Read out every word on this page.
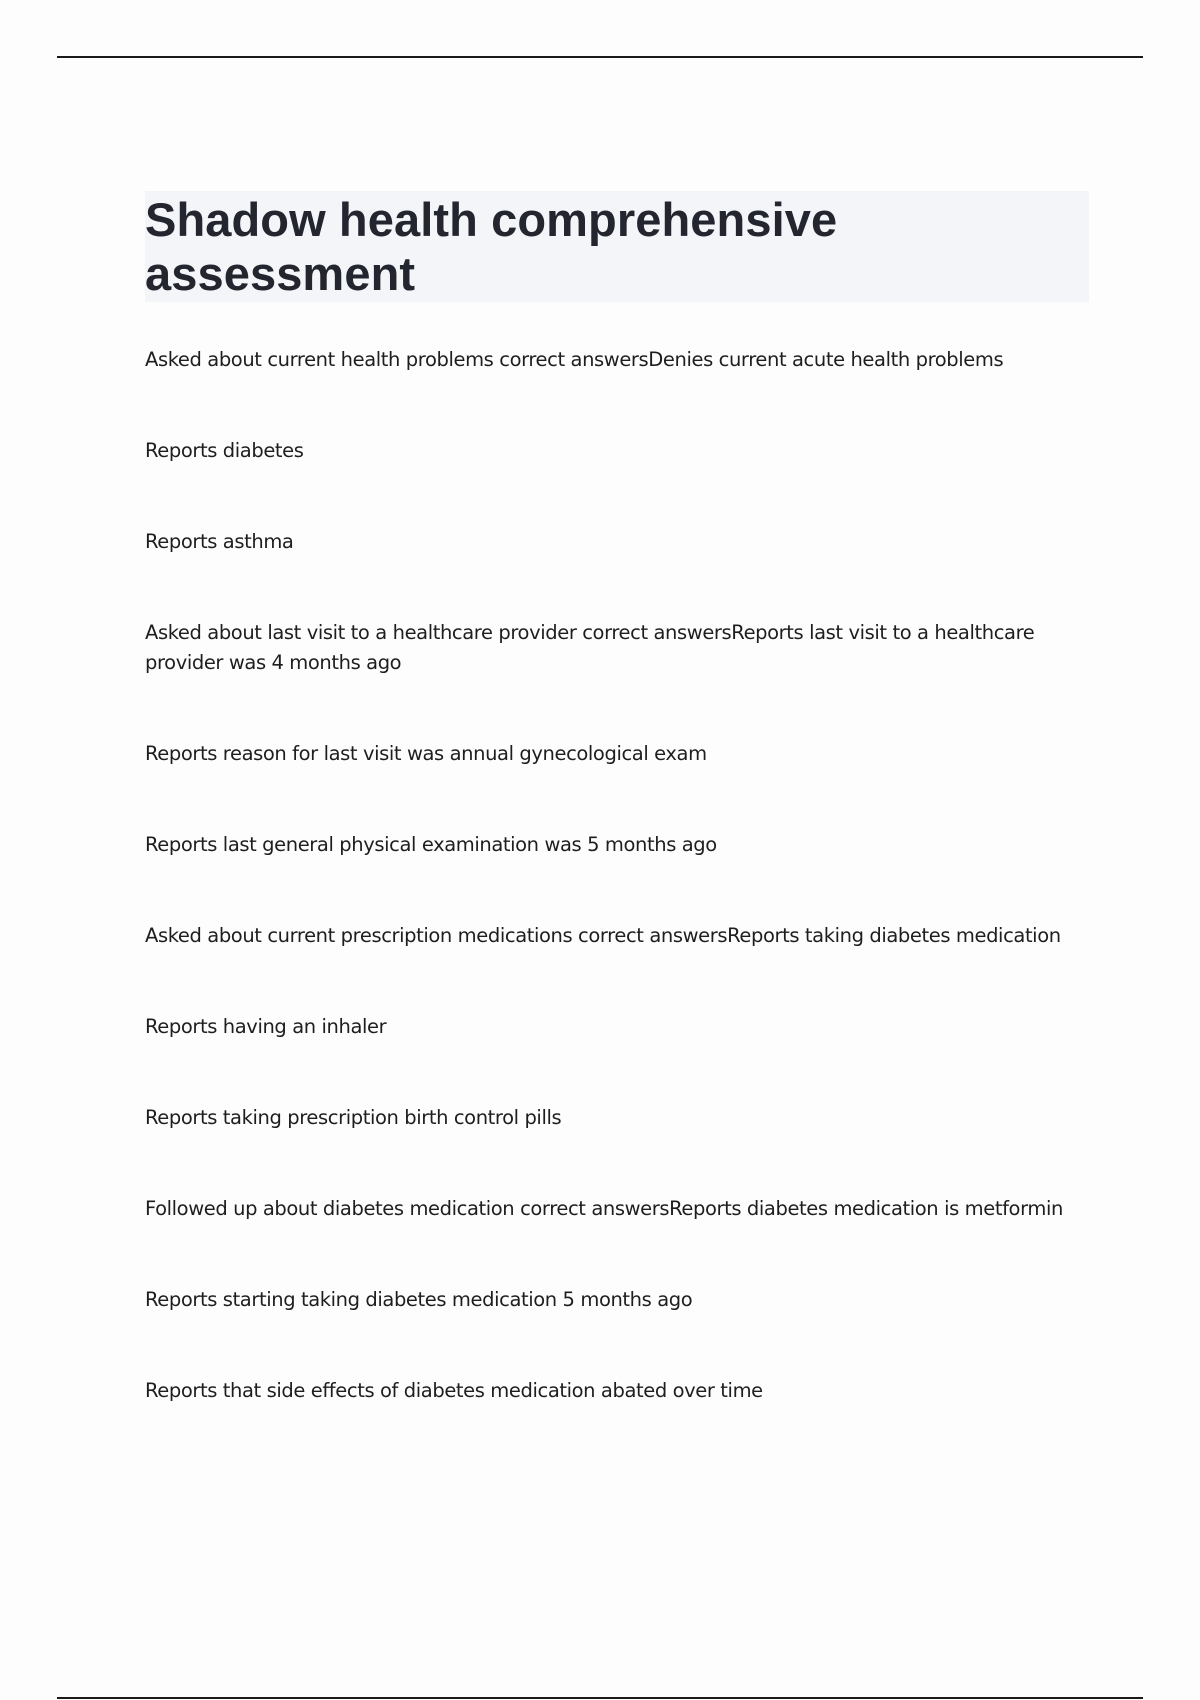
Shadow health comprehensive assessment
Asked about current health problems correct answersDenies current acute health problems
Reports diabetes
Reports asthma
Asked about last visit to a healthcare provider correct answersReports last visit to a healthcare provider was 4 months ago
Reports reason for last visit was annual gynecological exam
Reports last general physical examination was 5 months ago
Asked about current prescription medications correct answersReports taking diabetes medication
Reports having an inhaler
Reports taking prescription birth control pills
Followed up about diabetes medication correct answersReports diabetes medication is metformin
Reports starting taking diabetes medication 5 months ago
Reports that side effects of diabetes medication abated over time
